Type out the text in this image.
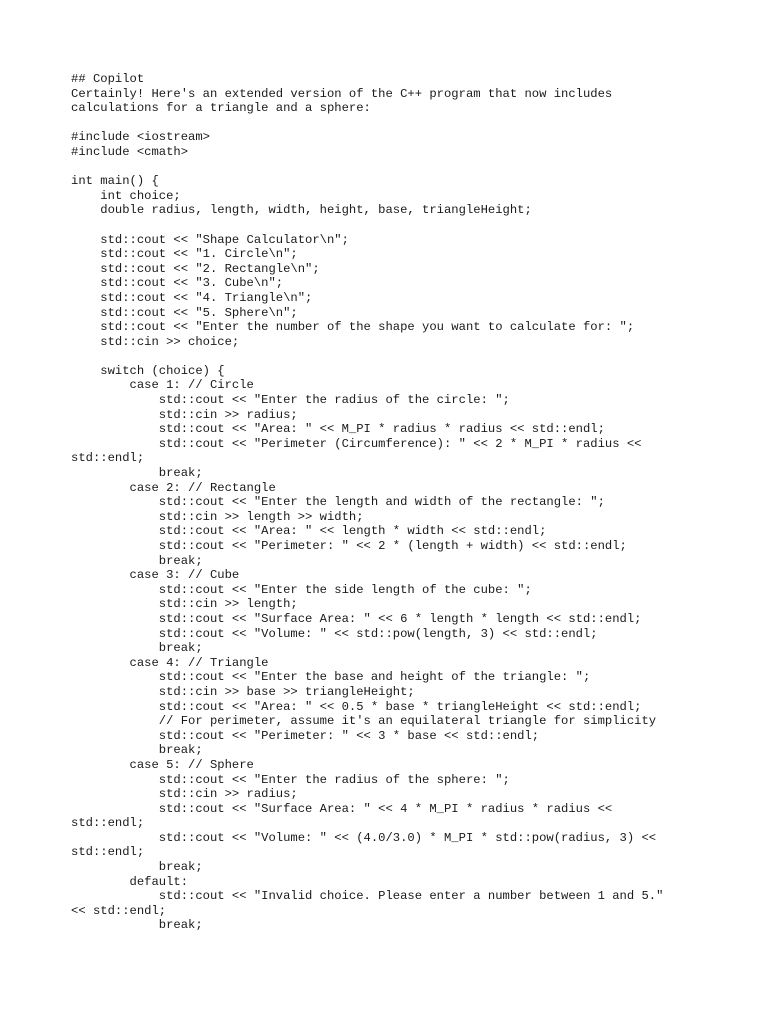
## Copilot
Certainly! Here's an extended version of the C++ program that now includes
calculations for a triangle and a sphere:
#include <iostream>
#include <cmath>
int main() {
int choice;
double radius, length, width, height, base, triangleHeight;
std::cout << "Shape Calculator\n";
std::cout << "1. Circle\n";
std::cout << "2. Rectangle\n";
std::cout << "3. Cube\n";
std::cout << "4. Triangle\n";
std::cout << "5. Sphere\n";
std::cout << "Enter the number of the shape you want to calculate for: ";
std::cin >> choice;
switch (choice) {
case 1: // Circle
std::cout << "Enter the radius of the circle: ";
std::cin >> radius;
std::cout << "Area: " << M_PI * radius * radius << std::endl;
std::cout << "Perimeter (Circumference): " << 2 * M_PI * radius <<
std::endl;
break;
case 2: // Rectangle
std::cout << "Enter the length and width of the rectangle: ";
std::cin >> length >> width;
std::cout << "Area: " << length * width << std::endl;
std::cout << "Perimeter: " << 2 * (length + width) << std::endl;
break;
case 3: // Cube
std::cout << "Enter the side length of the cube: ";
std::cin >> length;
std::cout << "Surface Area: " << 6 * length * length << std::endl;
std::cout << "Volume: " << std::pow(length, 3) << std::endl;
break;
case 4: // Triangle
std::cout << "Enter the base and height of the triangle: ";
std::cin >> base >> triangleHeight;
std::cout << "Area: " << 0.5 * base * triangleHeight << std::endl;
// For perimeter, assume it's an equilateral triangle for simplicity
std::cout << "Perimeter: " << 3 * base << std::endl;
break;
case 5: // Sphere
std::cout << "Enter the radius of the sphere: ";
std::cin >> radius;
std::cout << "Surface Area: " << 4 * M_PI * radius * radius <<
std::endl;
std::cout << "Volume: " << (4.0/3.0) * M_PI * std::pow(radius, 3) <<
std::endl;
break;
default:
std::cout << "Invalid choice. Please enter a number between 1 and 5."
<< std::endl;
break;
